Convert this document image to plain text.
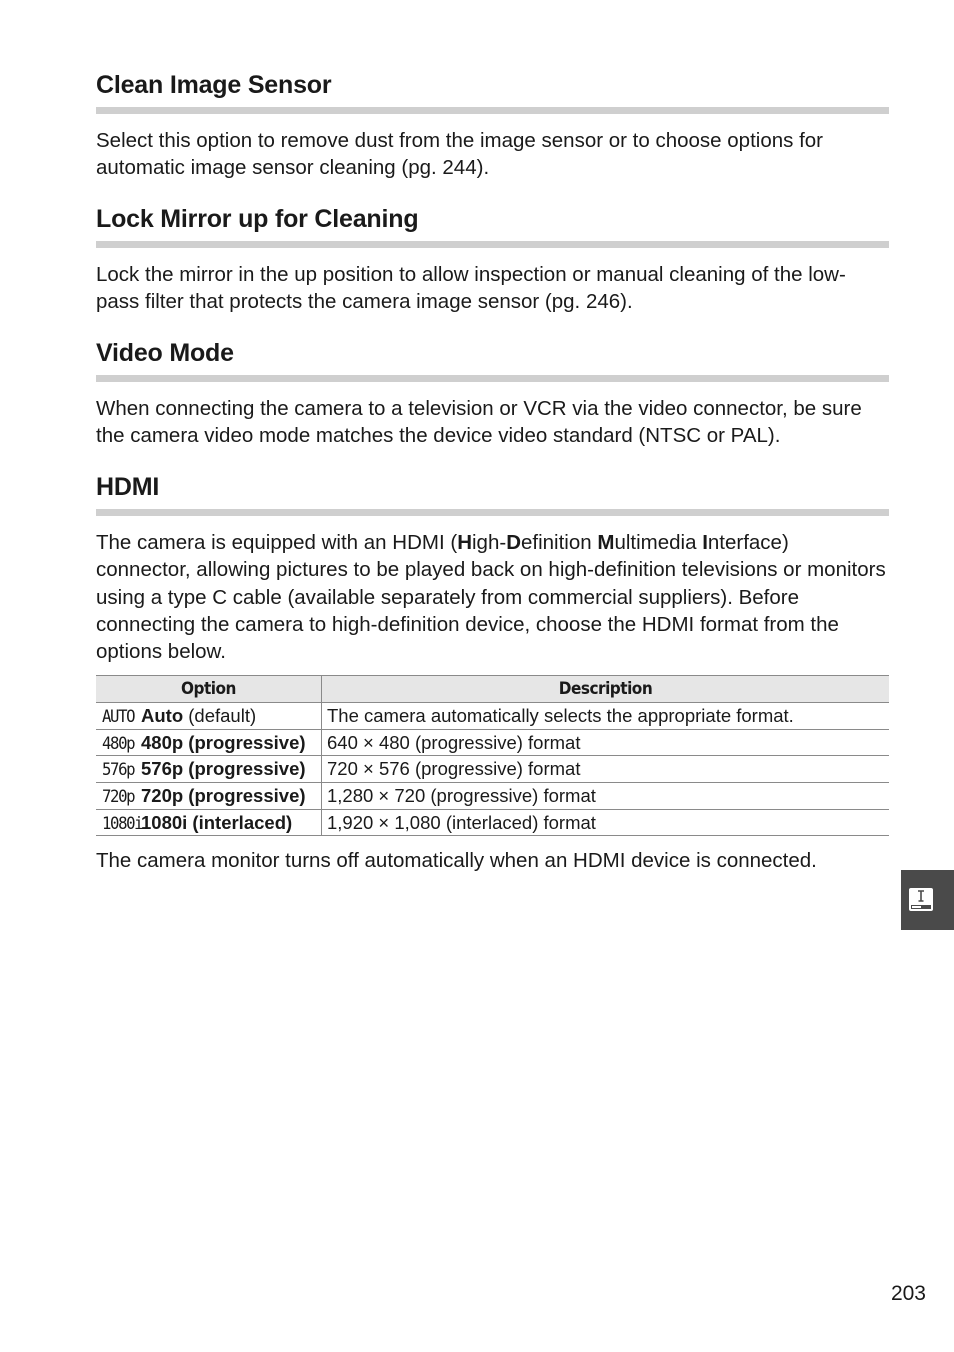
Clean Image Sensor

Select this option to remove dust from the image sensor or to choose options for automatic image sensor cleaning (pg. 244).

Lock Mirror up for Cleaning

Lock the mirror in the up position to allow inspection or manual cleaning of the low-pass filter that protects the camera image sensor (pg. 246).

Video Mode

When connecting the camera to a television or VCR via the video connector, be sure the camera video mode matches the device video standard (NTSC or PAL).

HDMI

The camera is equipped with an HDMI (High-Definition Multimedia Interface) connector, allowing pictures to be played back on high-definition televisions or monitors using a type C cable (available separately from commercial suppliers). Before connecting the camera to high-definition device, choose the HDMI format from the options below.

Option	Description
AUTO Auto (default)	The camera automatically selects the appropriate format.
480p 480p (progressive)	640 × 480 (progressive) format
576p 576p (progressive)	720 × 576 (progressive) format
720p 720p (progressive)	1,280 × 720 (progressive) format
1080i1080i (interlaced)	1,920 × 1,080 (interlaced) format

The camera monitor turns off automatically when an HDMI device is connected.

203
